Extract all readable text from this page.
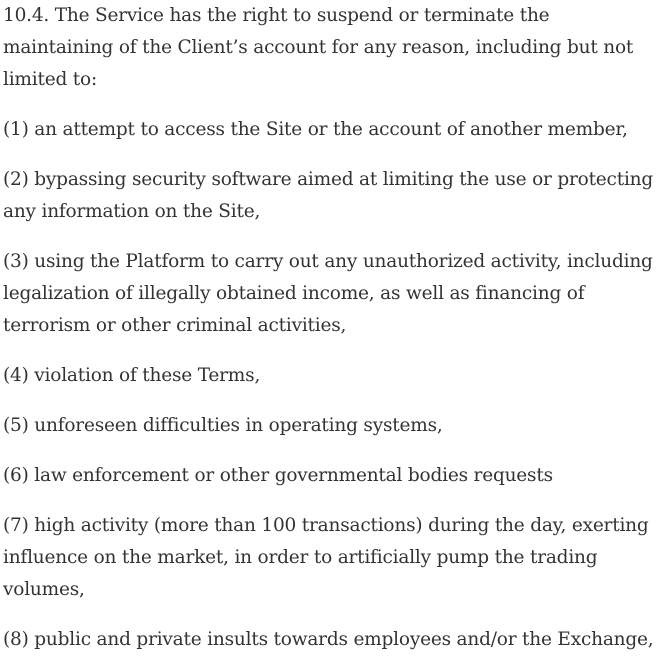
10.4. The Service has the right to suspend or terminate the maintaining of the Client’s account for any reason, including but not limited to:

(1) an attempt to access the Site or the account of another member,

(2) bypassing security software aimed at limiting the use or protecting any information on the Site,

(3) using the Platform to carry out any unauthorized activity, including legalization of illegally obtained income, as well as financing of terrorism or other criminal activities,

(4) violation of these Terms,

(5) unforeseen difficulties in operating systems,

(6) law enforcement or other governmental bodies requests

(7) high activity (more than 100 transactions) during the day, exerting influence on the market, in order to artificially pump the trading volumes,

(8) public and private insults towards employees and/or the Exchange,
